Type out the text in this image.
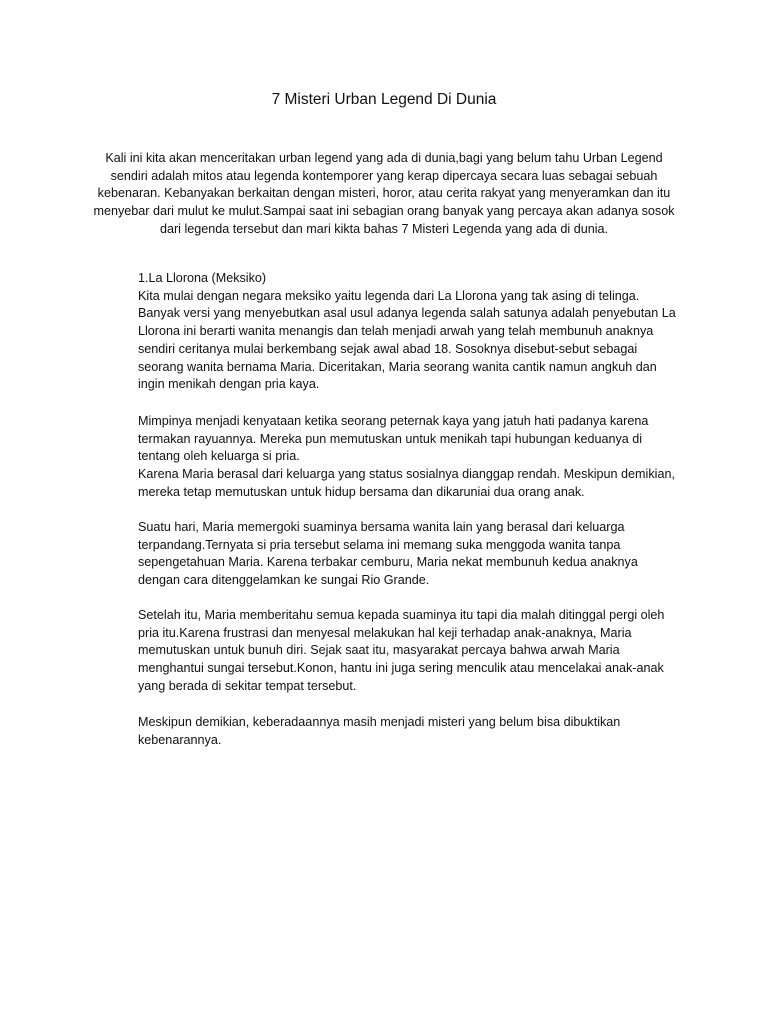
7 Misteri Urban Legend Di Dunia

Kali ini kita akan menceritakan urban legend yang ada di dunia,bagi yang belum tahu Urban Legend sendiri adalah mitos atau legenda kontemporer yang kerap dipercaya secara luas sebagai sebuah kebenaran. Kebanyakan berkaitan dengan misteri, horor, atau cerita rakyat yang menyeramkan dan itu menyebar dari mulut ke mulut.Sampai saat ini sebagian orang banyak yang percaya akan adanya sosok dari legenda tersebut dan mari kikta bahas 7 Misteri Legenda yang ada di dunia.

1.La Llorona (Meksiko)

Kita mulai dengan negara meksiko yaitu legenda dari La Llorona yang tak asing di telinga. Banyak versi yang menyebutkan asal usul adanya legenda salah satunya adalah penyebutan La Llorona ini berarti wanita menangis dan telah menjadi arwah yang telah membunuh anaknya sendiri ceritanya mulai berkembang sejak awal abad 18. Sosoknya disebut-sebut sebagai seorang wanita bernama Maria. Diceritakan, Maria seorang wanita cantik namun angkuh dan ingin menikah dengan pria kaya.

Mimpinya menjadi kenyataan ketika seorang peternak kaya yang jatuh hati padanya karena termakan rayuannya. Mereka pun memutuskan untuk menikah tapi hubungan keduanya di tentang oleh keluarga si pria.

Karena Maria berasal dari keluarga yang status sosialnya dianggap rendah. Meskipun demikian, mereka tetap memutuskan untuk hidup bersama dan dikaruniai dua orang anak.

Suatu hari, Maria memergoki suaminya bersama wanita lain yang berasal dari keluarga terpandang.Ternyata si pria tersebut selama ini memang suka menggoda wanita tanpa sepengetahuan Maria. Karena terbakar cemburu, Maria nekat membunuh kedua anaknya dengan cara ditenggelamkan ke sungai Rio Grande.

Setelah itu, Maria memberitahu semua kepada suaminya itu tapi dia malah ditinggal pergi oleh pria itu.Karena frustrasi dan menyesal melakukan hal keji terhadap anak-anaknya, Maria memutuskan untuk bunuh diri. Sejak saat itu, masyarakat percaya bahwa arwah Maria menghantui sungai tersebut.Konon, hantu ini juga sering menculik atau mencelakai anak-anak yang berada di sekitar tempat tersebut.

Meskipun demikian, keberadaannya masih menjadi misteri yang belum bisa dibuktikan kebenarannya.
